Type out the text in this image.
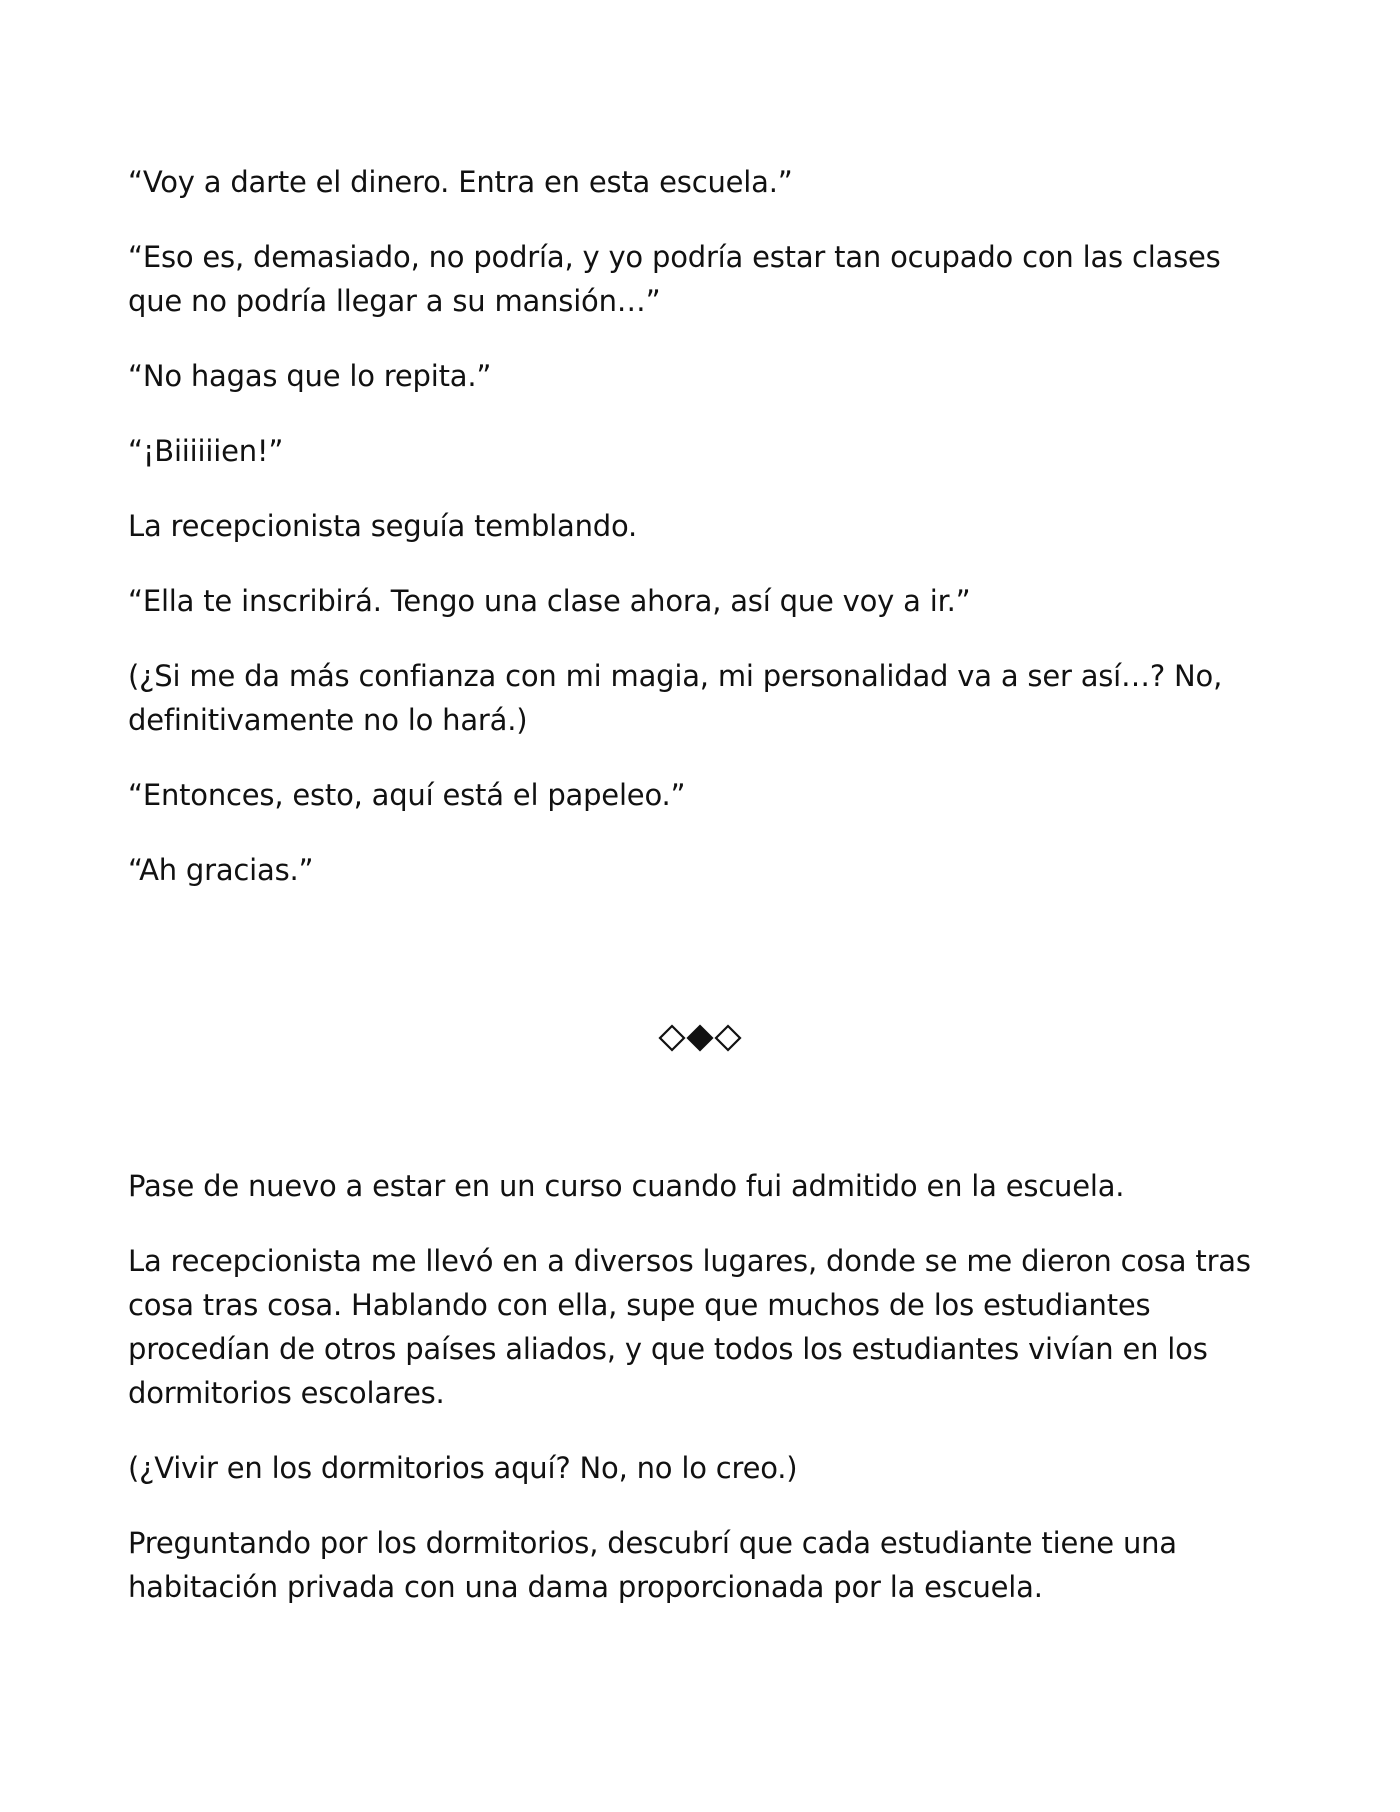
“Voy a darte el dinero. Entra en esta escuela.”

“Eso es, demasiado, no podría, y yo podría estar tan ocupado con las clases que no podría llegar a su mansión…”

“No hagas que lo repita.”

“¡Biiiiiien!”

La recepcionista seguía temblando.

“Ella te inscribirá. Tengo una clase ahora, así que voy a ir.”

(¿Si me da más confianza con mi magia, mi personalidad va a ser así…? No, definitivamente no lo hará.)

“Entonces, esto, aquí está el papeleo.”

“Ah gracias.”

Pase de nuevo a estar en un curso cuando fui admitido en la escuela.

La recepcionista me llevó en a diversos lugares, donde se me dieron cosa tras cosa tras cosa. Hablando con ella, supe que muchos de los estudiantes procedían de otros países aliados, y que todos los estudiantes vivían en los dormitorios escolares.

(¿Vivir en los dormitorios aquí? No, no lo creo.)

Preguntando por los dormitorios, descubrí que cada estudiante tiene una habitación privada con una dama proporcionada por la escuela.
